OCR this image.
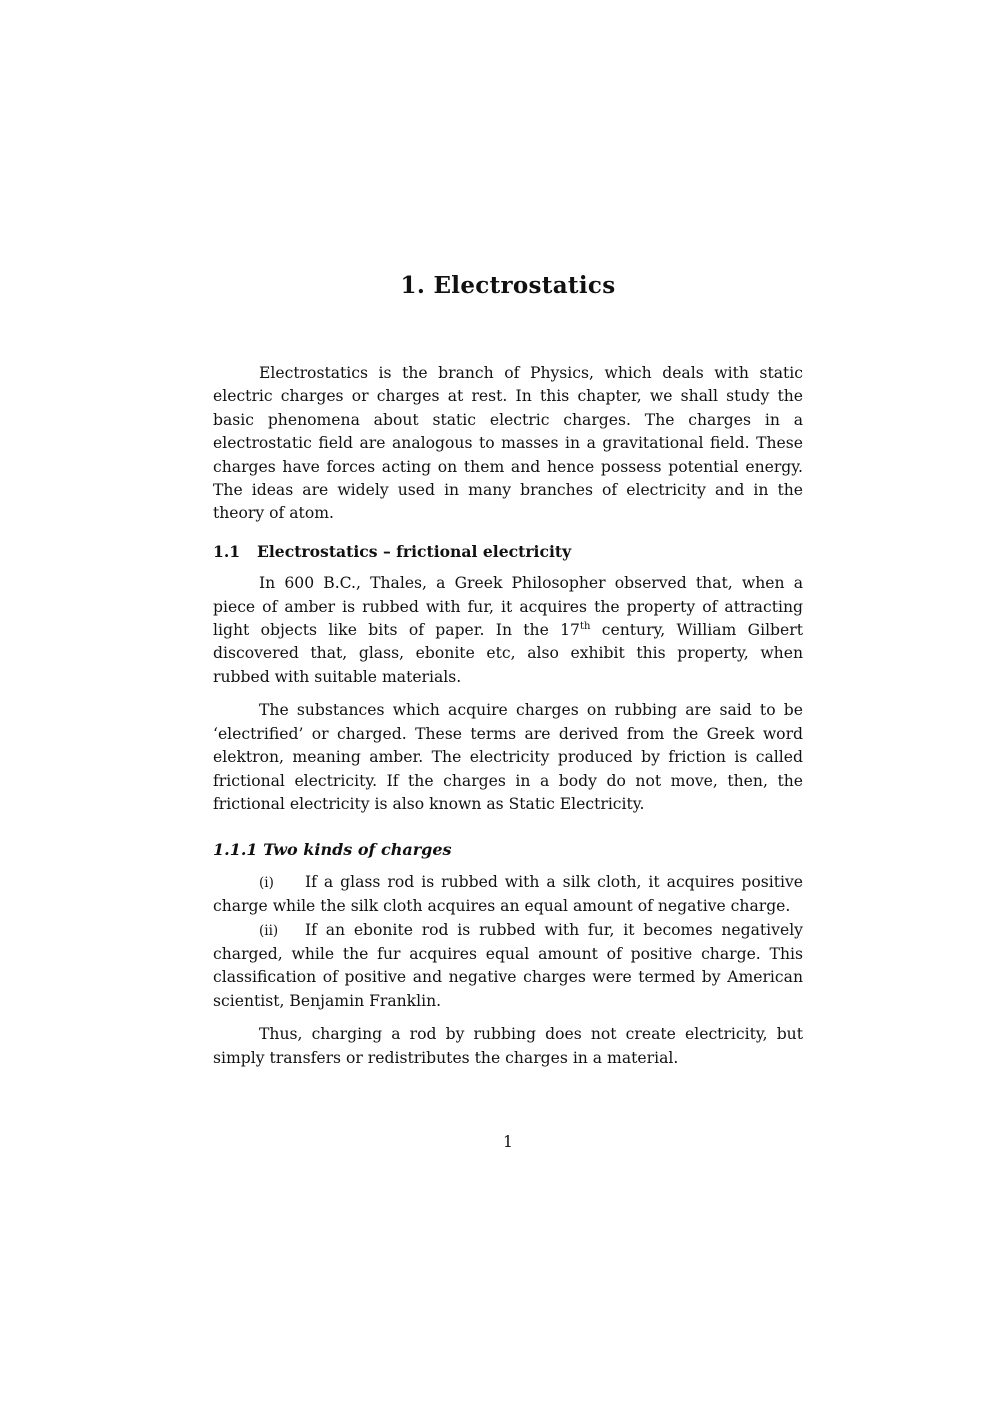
1. Electrostatics

Electrostatics is the branch of Physics, which deals with static electric charges or charges at rest. In this chapter, we shall study the basic phenomena about static electric charges. The charges in a electrostatic field are analogous to masses in a gravitational field. These charges have forces acting on them and hence possess potential energy. The ideas are widely used in many branches of electricity and in the theory of atom.

1.1 Electrostatics – frictional electricity

In 600 B.C., Thales, a Greek Philosopher observed that, when a piece of amber is rubbed with fur, it acquires the property of attracting light objects like bits of paper. In the 17th century, William Gilbert discovered that, glass, ebonite etc, also exhibit this property, when rubbed with suitable materials.

The substances which acquire charges on rubbing are said to be ‘electrified’ or charged. These terms are derived from the Greek word elektron, meaning amber. The electricity produced by friction is called frictional electricity. If the charges in a body do not move, then, the frictional electricity is also known as Static Electricity.

1.1.1 Two kinds of charges

(i) If a glass rod is rubbed with a silk cloth, it acquires positive charge while the silk cloth acquires an equal amount of negative charge.

(ii) If an ebonite rod is rubbed with fur, it becomes negatively charged, while the fur acquires equal amount of positive charge. This classification of positive and negative charges were termed by American scientist, Benjamin Franklin.

Thus, charging a rod by rubbing does not create electricity, but simply transfers or redistributes the charges in a material.

1
